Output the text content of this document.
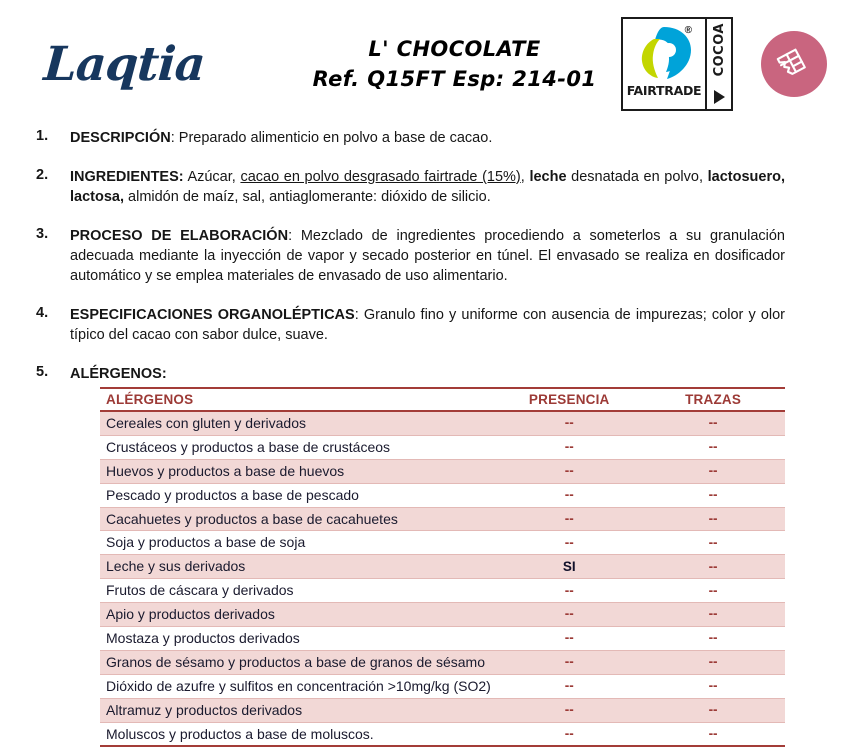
Laqtia	L' CHOCOLATE
Ref. Q15FT Esp: 214-01
®
FAIRTRADE
COCOA
1.	DESCRIPCIÓN: Preparado alimenticio en polvo a base de cacao.
2.	INGREDIENTES: Azúcar, cacao en polvo desgrasado fairtrade (15%), leche desnatada en polvo, lactosuero, lactosa, almidón de maíz, sal, antiaglomerante: dióxido de silicio.
3.	PROCESO DE ELABORACIÓN: Mezclado de ingredientes procediendo a someterlos a su granulación adecuada mediante la inyección de vapor y secado posterior en túnel. El envasado se realiza en dosificador automático y se emplea materiales de envasado de uso alimentario.
4.	ESPECIFICACIONES ORGANOLÉPTICAS: Granulo fino y uniforme con ausencia de impurezas; color y olor típico del cacao con sabor dulce, suave.
5.	ALÉRGENOS:
ALÉRGENOS	PRESENCIA	TRAZAS
Cereales con gluten y derivados	--	--
Crustáceos y productos a base de crustáceos	--	--
Huevos y productos a base de huevos	--	--
Pescado y productos a base de pescado	--	--
Cacahuetes y productos a base de cacahuetes	--	--
Soja y productos a base de soja	--	--
Leche y sus derivados	SI	--
Frutos de cáscara y derivados	--	--
Apio y productos derivados	--	--
Mostaza y productos derivados	--	--
Granos de sésamo y productos a base de granos de sésamo	--	--
Dióxido de azufre y sulfitos en concentración >10mg/kg (SO2)	--	--
Altramuz y productos derivados	--	--
Moluscos y productos a base de moluscos.	--	--
